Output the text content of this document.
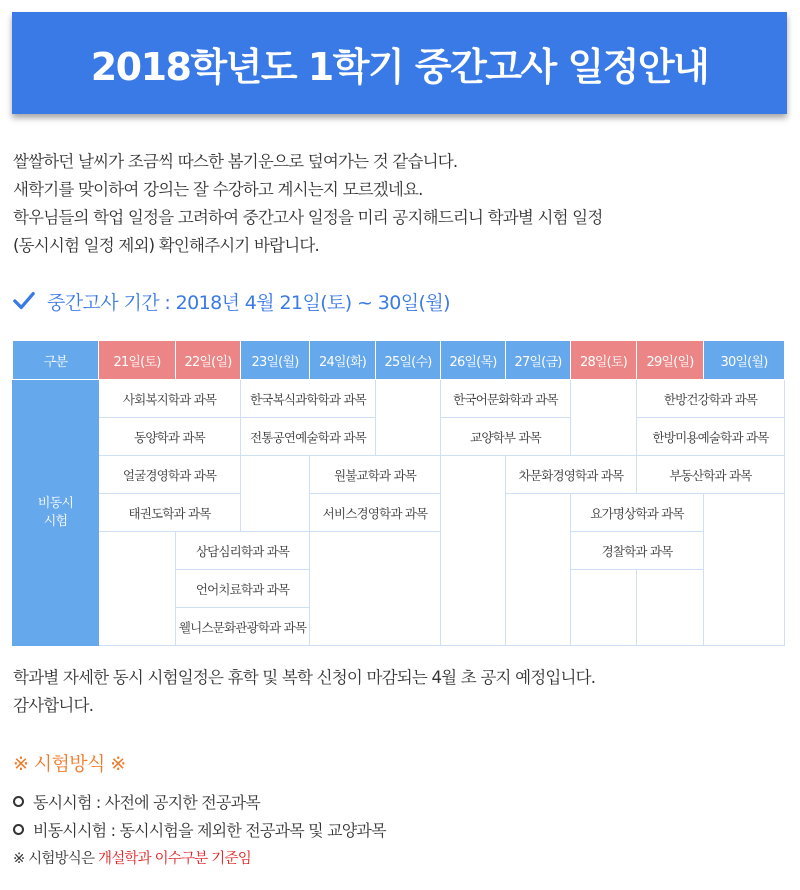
2018학년도 1학기 중간고사 일정안내
쌀쌀하던 날씨가 조금씩 따스한 봄기운으로 덮여가는 것 같습니다.
새학기를 맞이하여 강의는 잘 수강하고 계시는지 모르겠네요.
학우님들의 학업 일정을 고려하여 중간고사 일정을 미리 공지해드리니 학과별 시험 일정
(동시시험 일정 제외) 확인해주시기 바랍니다.
중간고사 기간 : 2018년 4월 21일(토) ~ 30일(월)
구분	21일(토)	22일(일)	23일(월)	24일(화)	25일(수)	26일(목)	27일(금)	28일(토)	29일(일)	30일(월)
비동시
시험	사회복지학과 과목		한국복식과학학과 과목			한국어문화학과 과목			한방건강학과 과목	
	동양학과 과목		전통공연예술학과 과목			교양학부 과목			한방미용예술학과 과목	
	얼굴경영학과 과목			원불교학과 과목			차문화경영학과 과목		부동산학과 과목	
	태권도학과 과목			서비스경영학과 과목				요가명상학과 과목		
		상담심리학과 과목						경찰학과 과목		
		언어치료학과 과목								
		웰니스문화관광학과 과목								
학과별 자세한 동시 시험일정은 휴학 및 복학 신청이 마감되는 4월 초 공지 예정입니다.
감사합니다.
※ 시험방식 ※
동시시험 : 사전에 공지한 전공과목
비동시시험 : 동시시험을 제외한 전공과목 및 교양과목
※ 시험방식은 개설학과 이수구분 기준임
